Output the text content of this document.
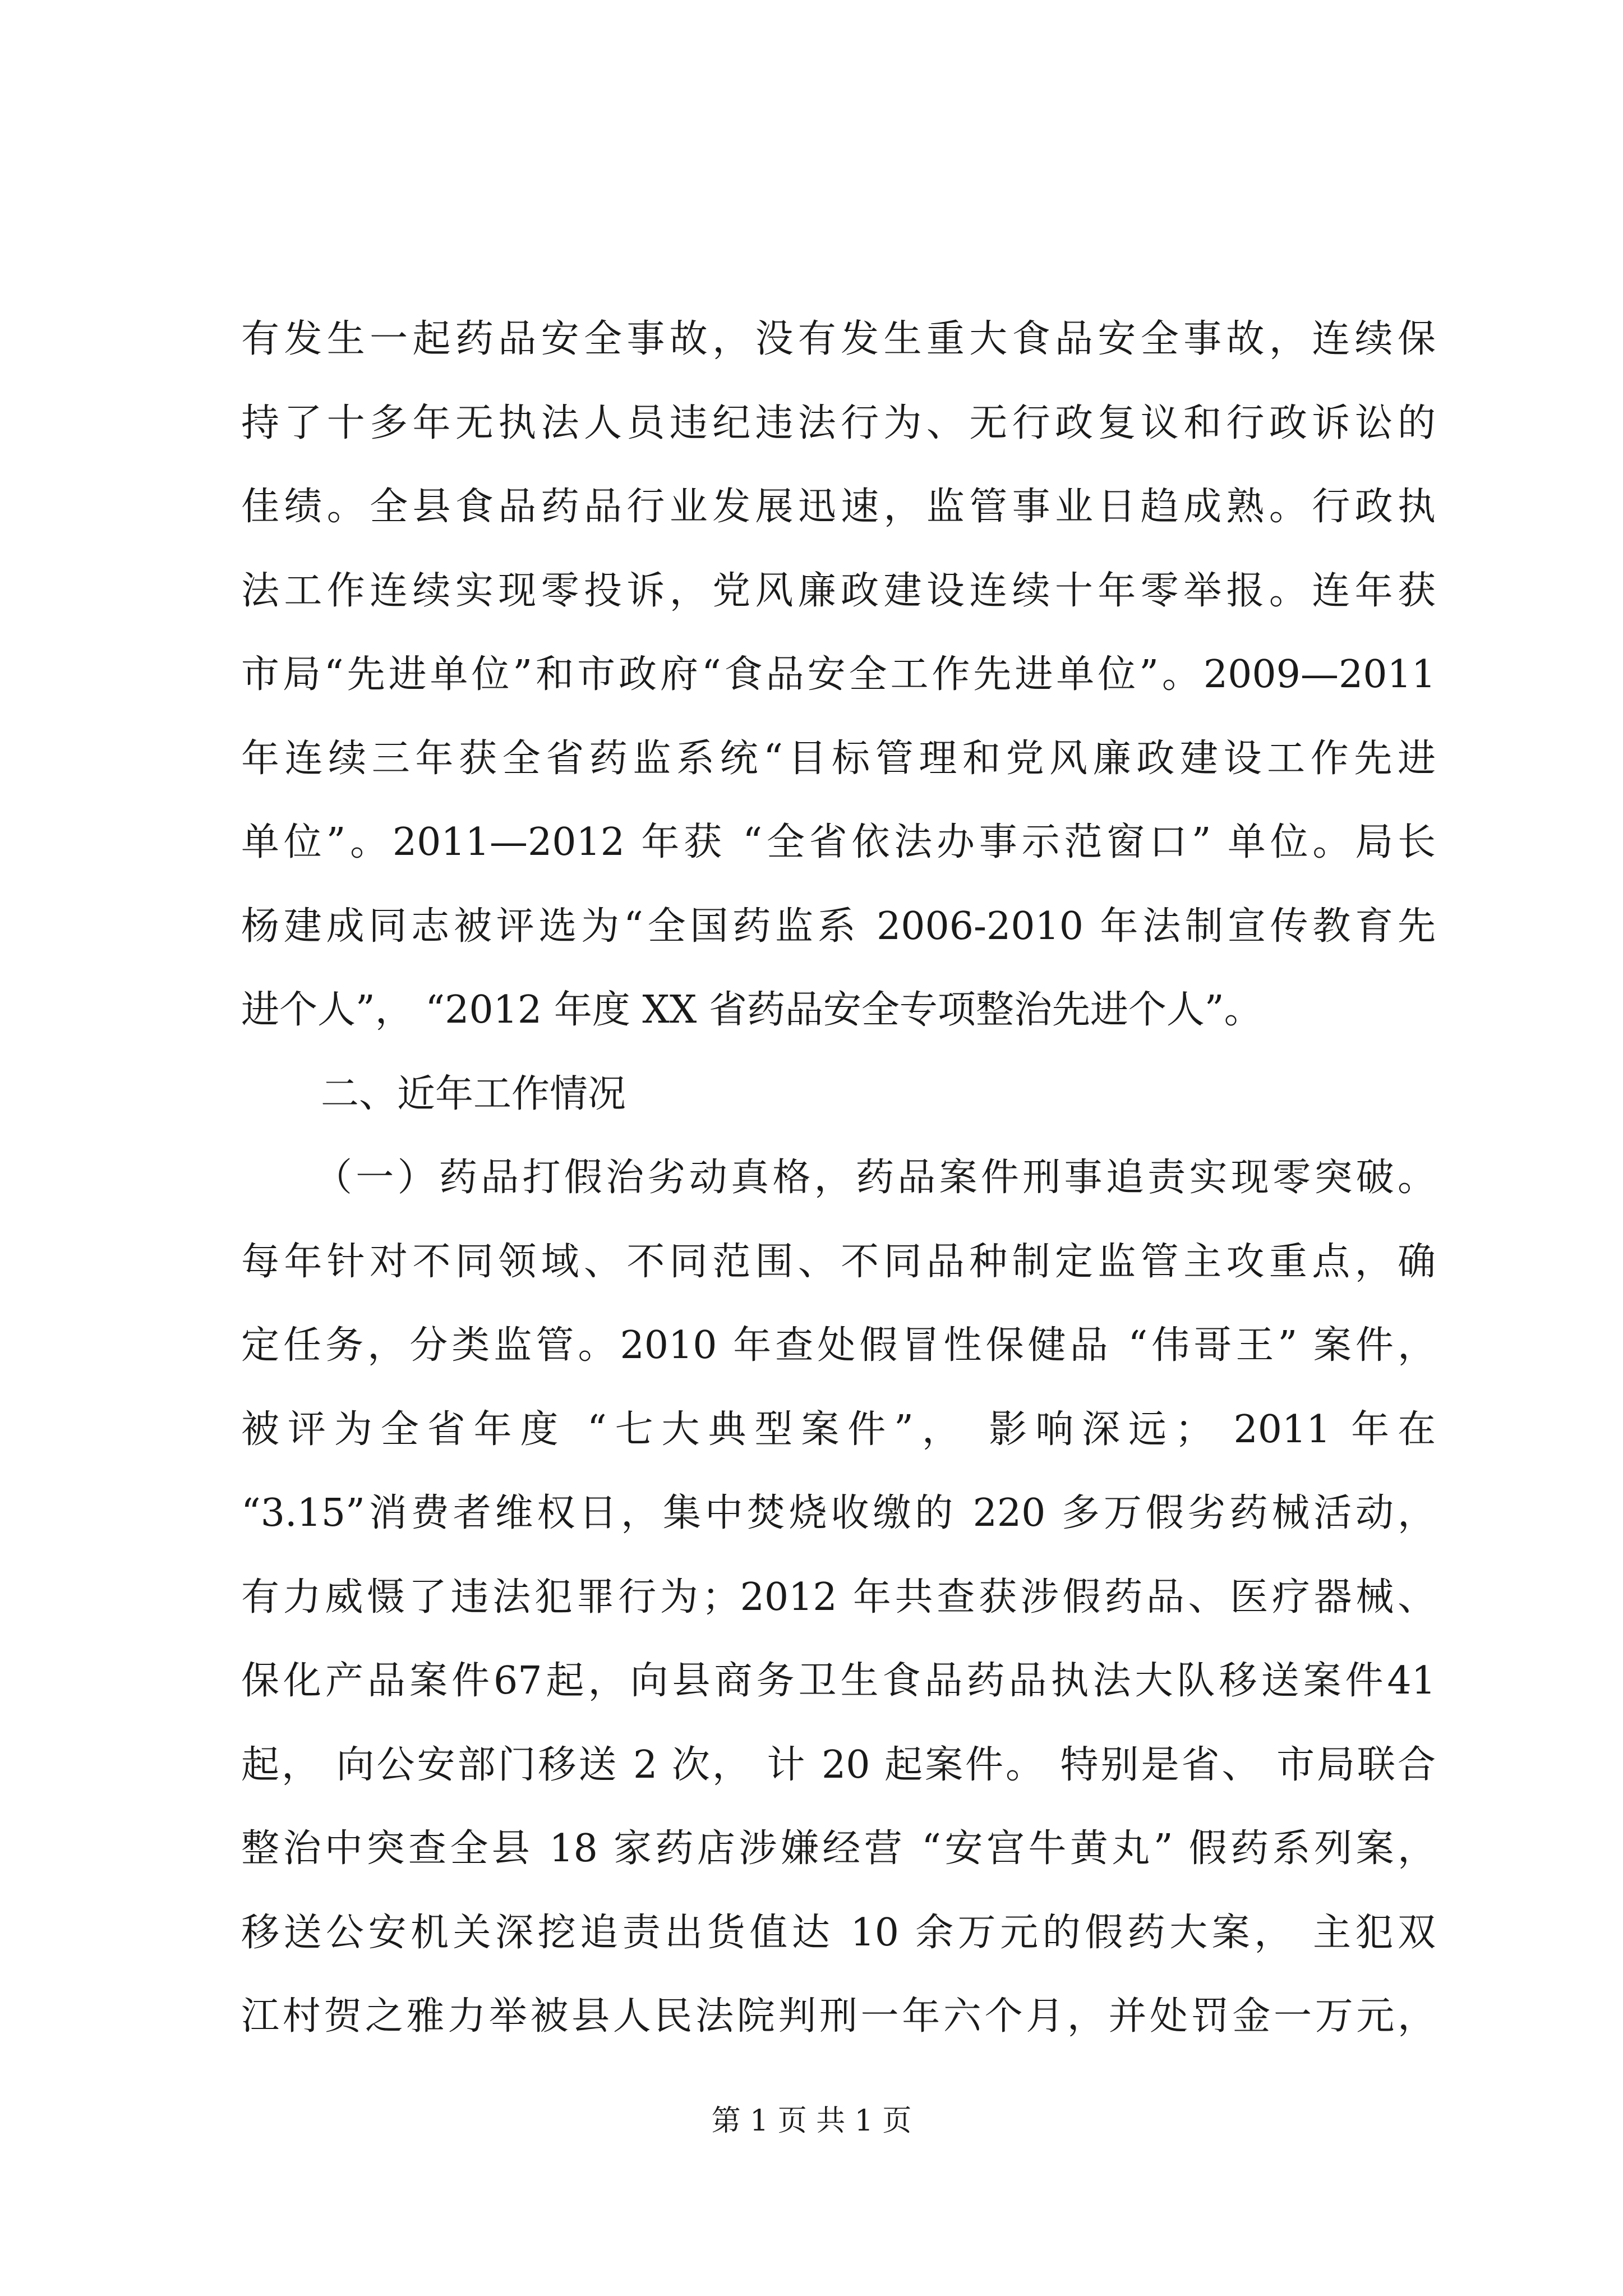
有发生一起药品安全事故，没有发生重大食品安全事故，连续保
持了十多年无执法人员违纪违法行为、无行政复议和行政诉讼的
佳绩。全县食品药品行业发展迅速，监管事业日趋成熟。行政执
法工作连续实现零投诉，党风廉政建设连续十年零举报。连年获
市局“先进单位”和市政府“食品安全工作先进单位”。2009—2011
年连续三年获全省药监系统“目标管理和党风廉政建设工作先进
单位”。2011—2012 年获 “全省依法办事示范窗口” 单位。局长
杨建成同志被评选为“全国药监系 2006-2010 年法制宣传教育先
进个人”， “2012 年度 XX 省药品安全专项整治先进个人”。
二、近年工作情况
（一）药品打假治劣动真格，药品案件刑事追责实现零突破。
每年针对不同领域、不同范围、不同品种制定监管主攻重点，确
定任务，分类监管。2010 年查处假冒性保健品 “伟哥王” 案件，
被评为全省年度 “七大典型案件”， 影响深远； 2011 年在
“3.15”消费者维权日，集中焚烧收缴的 220 多万假劣药械活动，
有力威慑了违法犯罪行为；2012 年共查获涉假药品、医疗器械、
保化产品案件67起，向县商务卫生食品药品执法大队移送案件41
起， 向公安部门移送 2 次， 计 20 起案件。 特别是省、 市局联合
整治中突查全县 18 家药店涉嫌经营 “安宫牛黄丸” 假药系列案，
移送公安机关深挖追责出货值达 10 余万元的假药大案， 主犯双
江村贺之雅力举被县人民法院判刑一年六个月，并处罚金一万元，
第 1 页 共 1 页
